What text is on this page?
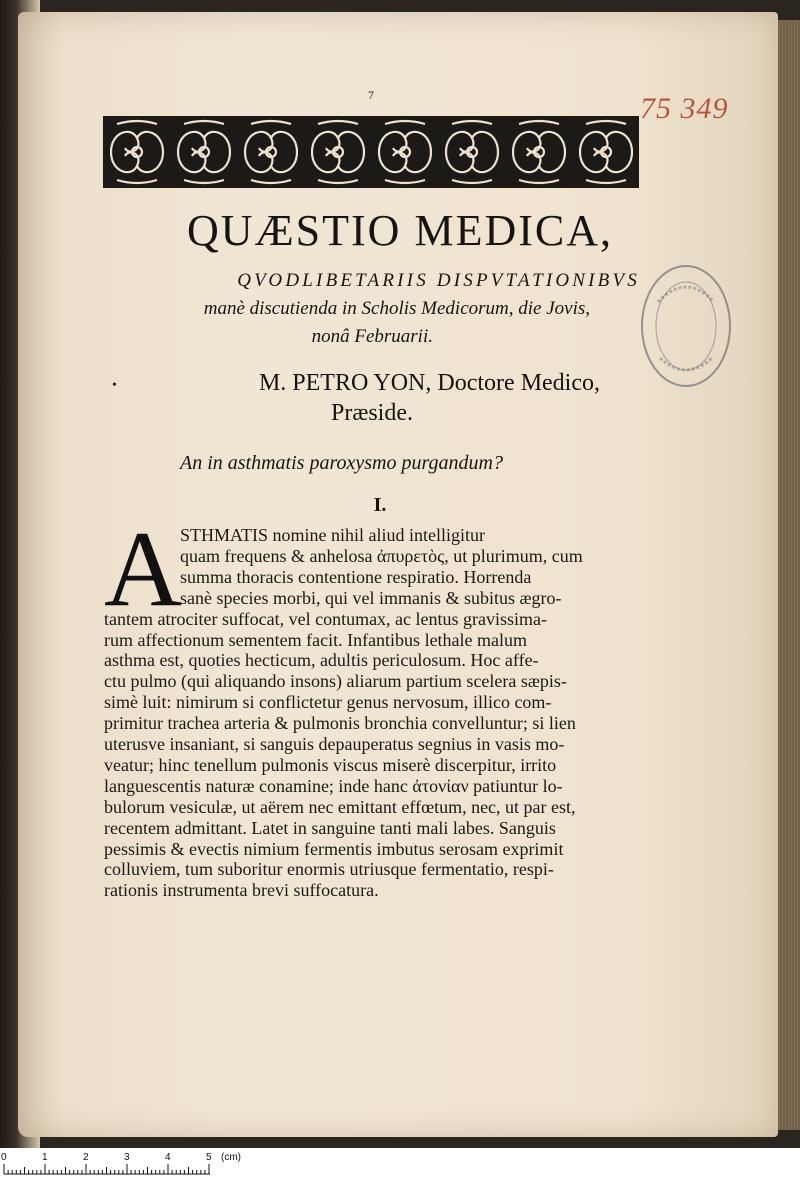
7	75 349
QUÆSTIO MEDICA,
QVODLIBETARIIS DISPVTATIONIBVS
manè discutienda in Scholis Medicorum, die Jovis,
nonâ Februarii.
•	M. PETRO YON, Doctore Medico,
Præside.
An in asthmatis paroxysmo purgandum?
I.
A
STHMATIS nomine nihil aliud intelligitur
quam frequens & anhelosa ἀπυρετὸς, ut plurimum, cum
summa thoracis contentione respiratio. Horrenda
sanè species morbi, qui vel immanis & subitus ægro-
tantem atrociter suffocat, vel contumax, ac lentus gravissima-
rum affectionum sementem facit. Infantibus lethale malum
asthma est, quoties hecticum, adultis periculosum. Hoc affe-
ctu pulmo (qui aliquando insons) aliarum partium scelera sæpis-
simè luit: nimirum si conflictetur genus nervosum, illico com-
primitur trachea arteria & pulmonis bronchia convelluntur; si lien
uterusve insaniant, si sanguis depauperatus segnius in vasis mo-
veatur; hinc tenellum pulmonis viscus miserè discerpitur, irrito
languescentis naturæ conamine; inde hanc ἀτονίαν patiuntur lo-
bulorum vesiculæ, ut aërem nec emittant effœtum, nec, ut par est,
recentem admittant. Latet in sanguine tanti mali labes. Sanguis
pessimis & evectis nimium fermentis imbutus serosam exprimit
colluviem, tum suboritur enormis utriusque fermentatio, respi-
rationis instrumenta brevi suffocatura.
0	1	2	3	4	5 (cm)
